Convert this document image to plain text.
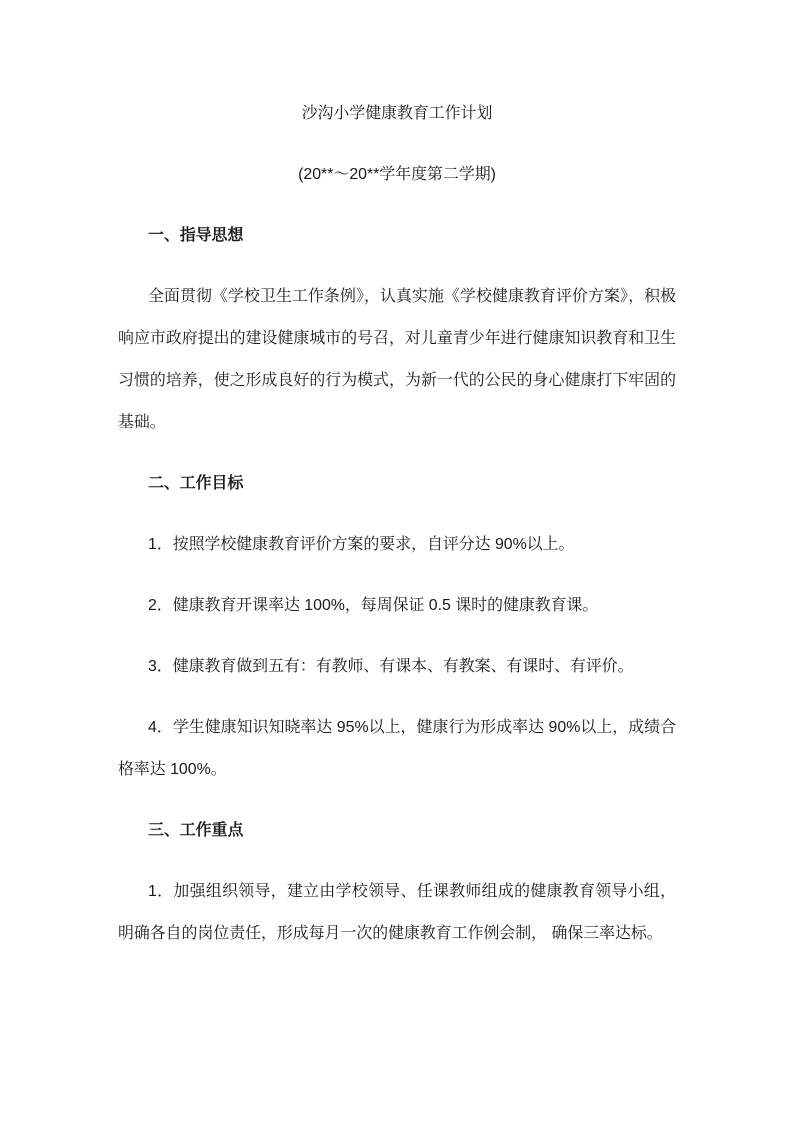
沙沟小学健康教育工作计划

(20**～20**学年度第二学期)

一、指导思想

全面贯彻《学校卫生工作条例》，认真实施《学校健康教育评价方案》，积极响应市政府提出的建设健康城市的号召，对儿童青少年进行健康知识教育和卫生习惯的培养，使之形成良好的行为模式，为新一代的公民的身心健康打下牢固的基础。

二、工作目标

1．按照学校健康教育评价方案的要求，自评分达 90%以上。

2．健康教育开课率达 100%，每周保证 0.5 课时的健康教育课。

3．健康教育做到五有：有教师、有课本、有教案、有课时、有评价。

4．学生健康知识知晓率达 95%以上，健康行为形成率达 90%以上，成绩合格率达 100%。

三、工作重点

1．加强组织领导，建立由学校领导、任课教师组成的健康教育领导小组，明确各自的岗位责任，形成每月一次的健康教育工作例会制， 确保三率达标。
